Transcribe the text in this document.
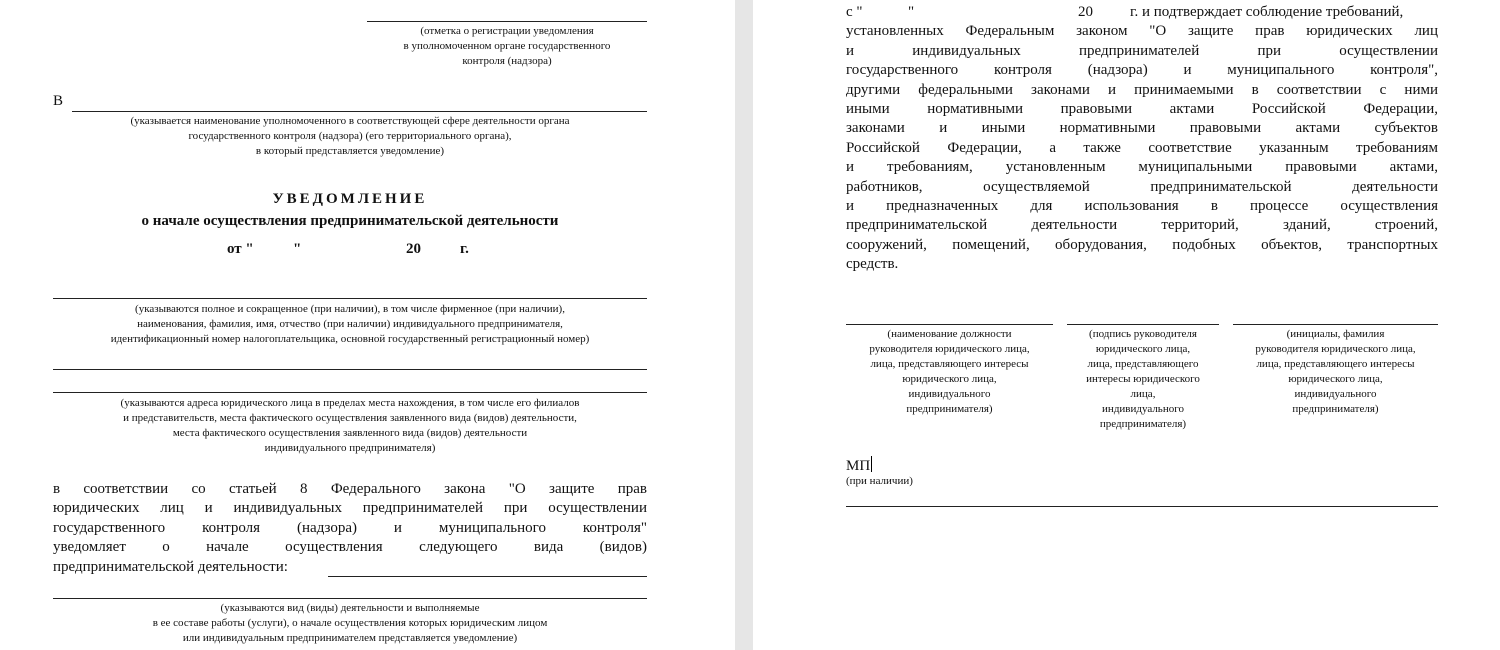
(отметка о регистрации уведомления
в уполномоченном органе государственного
контроля (надзора)
В
(указывается наименование уполномоченного в соответствующей сфере деятельности органа
государственного контроля (надзора) (его территориального органа),
в который представляется уведомление)
УВЕДОМЛЕНИЕ
о начале осуществления предпринимательской деятельности
от "	"	20	г.
(указываются полное и сокращенное (при наличии), в том числе фирменное (при наличии),
наименования, фамилия, имя, отчество (при наличии) индивидуального предпринимателя,
идентификационный номер налогоплательщика, основной государственный регистрационный номер)
(указываются адреса юридического лица в пределах места нахождения, в том числе его филиалов
и представительств, места фактического осуществления заявленного вида (видов) деятельности,
места фактического осуществления заявленного вида (видов) деятельности
индивидуального предпринимателя)
в соответствии со статьей 8 Федерального закона "О защите прав
юридических лиц и индивидуальных предпринимателей при осуществлении
государственного контроля (надзора) и муниципального контроля"
уведомляет о начале осуществления следующего вида (видов)
предпринимательской деятельности:
(указываются вид (виды) деятельности и выполняемые
в ее составе работы (услуги), о начале осуществления которых юридическим лицом
или индивидуальным предпринимателем представляется уведомление)
с "	"	20 г. и подтверждает соблюдение требований,
установленных Федеральным законом "О защите прав юридических лиц
и индивидуальных предпринимателей при осуществлении
государственного контроля (надзора) и муниципального контроля",
другими федеральными законами и принимаемыми в соответствии с ними
иными нормативными правовыми актами Российской Федерации,
законами и иными нормативными правовыми актами субъектов
Российской Федерации, а также соответствие указанным требованиям
и требованиям, установленным муниципальными правовыми актами,
работников, осуществляемой предпринимательской деятельности
и предназначенных для использования в процессе осуществления
предпринимательской деятельности территорий, зданий, строений,
сооружений, помещений, оборудования, подобных объектов, транспортных
средств.
(наименование должности
руководителя юридического лица,
лица, представляющего интересы
юридического лица,
индивидуального
предпринимателя)
(подпись руководителя
юридического лица,
лица, представляющего
интересы юридического
лица,
индивидуального
предпринимателя)
(инициалы, фамилия
руководителя юридического лица,
лица, представляющего интересы
юридического лица,
индивидуального
предпринимателя)
МП
(при наличии)
